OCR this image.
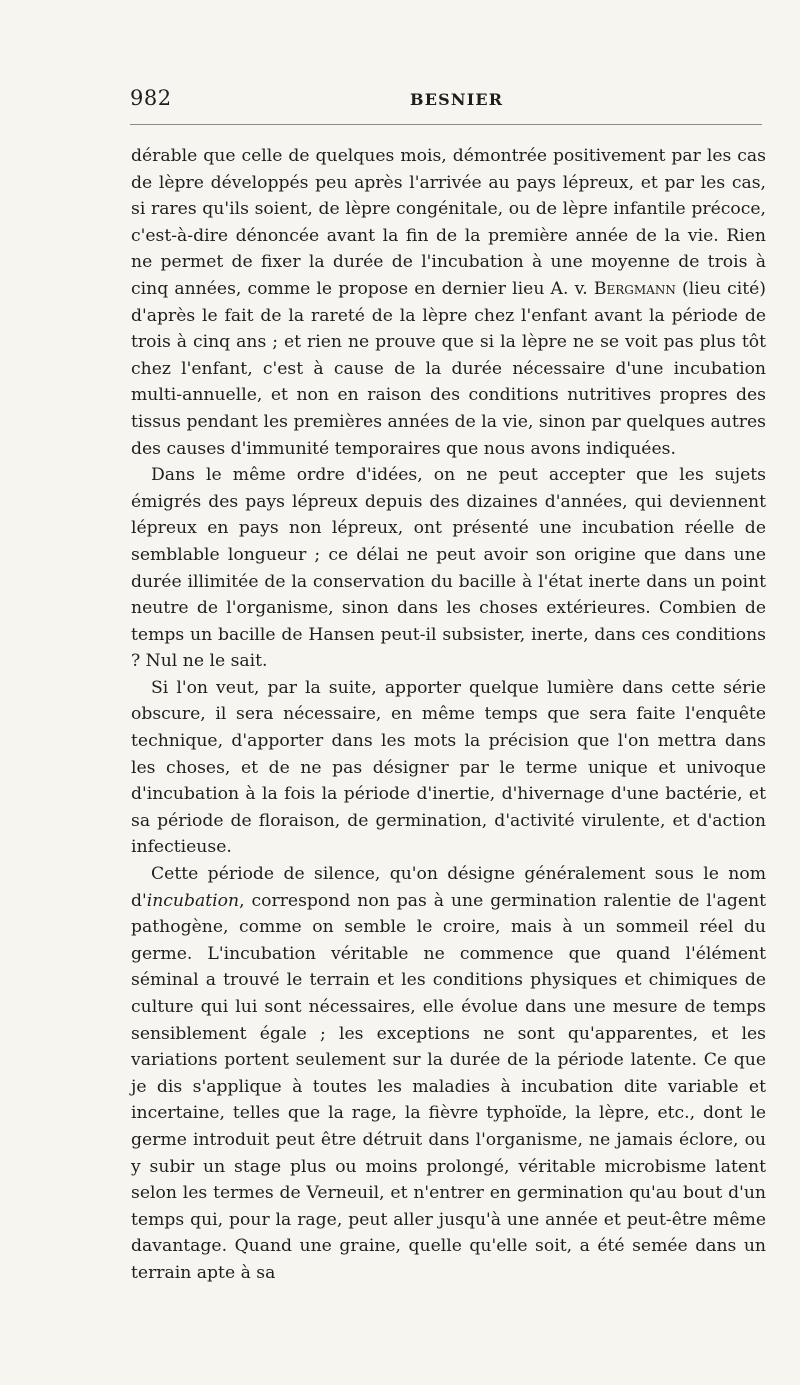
982	BESNIER

dérable que celle de quelques mois, démontrée positivement par les cas de lèpre développés peu après l'arrivée au pays lépreux, et par les cas, si rares qu'ils soient, de lèpre congénitale, ou de lèpre infantile précoce, c'est-à-dire dénoncée avant la fin de la première année de la vie. Rien ne permet de fixer la durée de l'incubation à une moyenne de trois à cinq années, comme le propose en dernier lieu A. v. Bergmann (lieu cité) d'après le fait de la rareté de la lèpre chez l'enfant avant la période de trois à cinq ans ; et rien ne prouve que si la lèpre ne se voit pas plus tôt chez l'enfant, c'est à cause de la durée nécessaire d'une incubation multi-annuelle, et non en raison des conditions nutritives propres des tissus pendant les premières années de la vie, sinon par quelques autres des causes d'immunité temporaires que nous avons indiquées.

Dans le même ordre d'idées, on ne peut accepter que les sujets émigrés des pays lépreux depuis des dizaines d'années, qui deviennent lépreux en pays non lépreux, ont présenté une incubation réelle de semblable longueur ; ce délai ne peut avoir son origine que dans une durée illimitée de la conservation du bacille à l'état inerte dans un point neutre de l'organisme, sinon dans les choses extérieures. Combien de temps un bacille de Hansen peut-il subsister, inerte, dans ces conditions ? Nul ne le sait.

Si l'on veut, par la suite, apporter quelque lumière dans cette série obscure, il sera nécessaire, en même temps que sera faite l'enquête technique, d'apporter dans les mots la précision que l'on mettra dans les choses, et de ne pas désigner par le terme unique et univoque d'incubation à la fois la période d'inertie, d'hivernage d'une bactérie, et sa période de floraison, de germination, d'activité virulente, et d'action infectieuse.

Cette période de silence, qu'on désigne généralement sous le nom d'incubation, correspond non pas à une germination ralentie de l'agent pathogène, comme on semble le croire, mais à un sommeil réel du germe. L'incubation véritable ne commence que quand l'élément séminal a trouvé le terrain et les conditions physiques et chimiques de culture qui lui sont nécessaires, elle évolue dans une mesure de temps sensiblement égale ; les exceptions ne sont qu'apparentes, et les variations portent seulement sur la durée de la période latente. Ce que je dis s'applique à toutes les maladies à incubation dite variable et incertaine, telles que la rage, la fièvre typhoïde, la lèpre, etc., dont le germe introduit peut être détruit dans l'organisme, ne jamais éclore, ou y subir un stage plus ou moins prolongé, véritable microbisme latent selon les termes de Verneuil, et n'entrer en germination qu'au bout d'un temps qui, pour la rage, peut aller jusqu'à une année et peut-être même davantage. Quand une graine, quelle qu'elle soit, a été semée dans un terrain apte à sa
